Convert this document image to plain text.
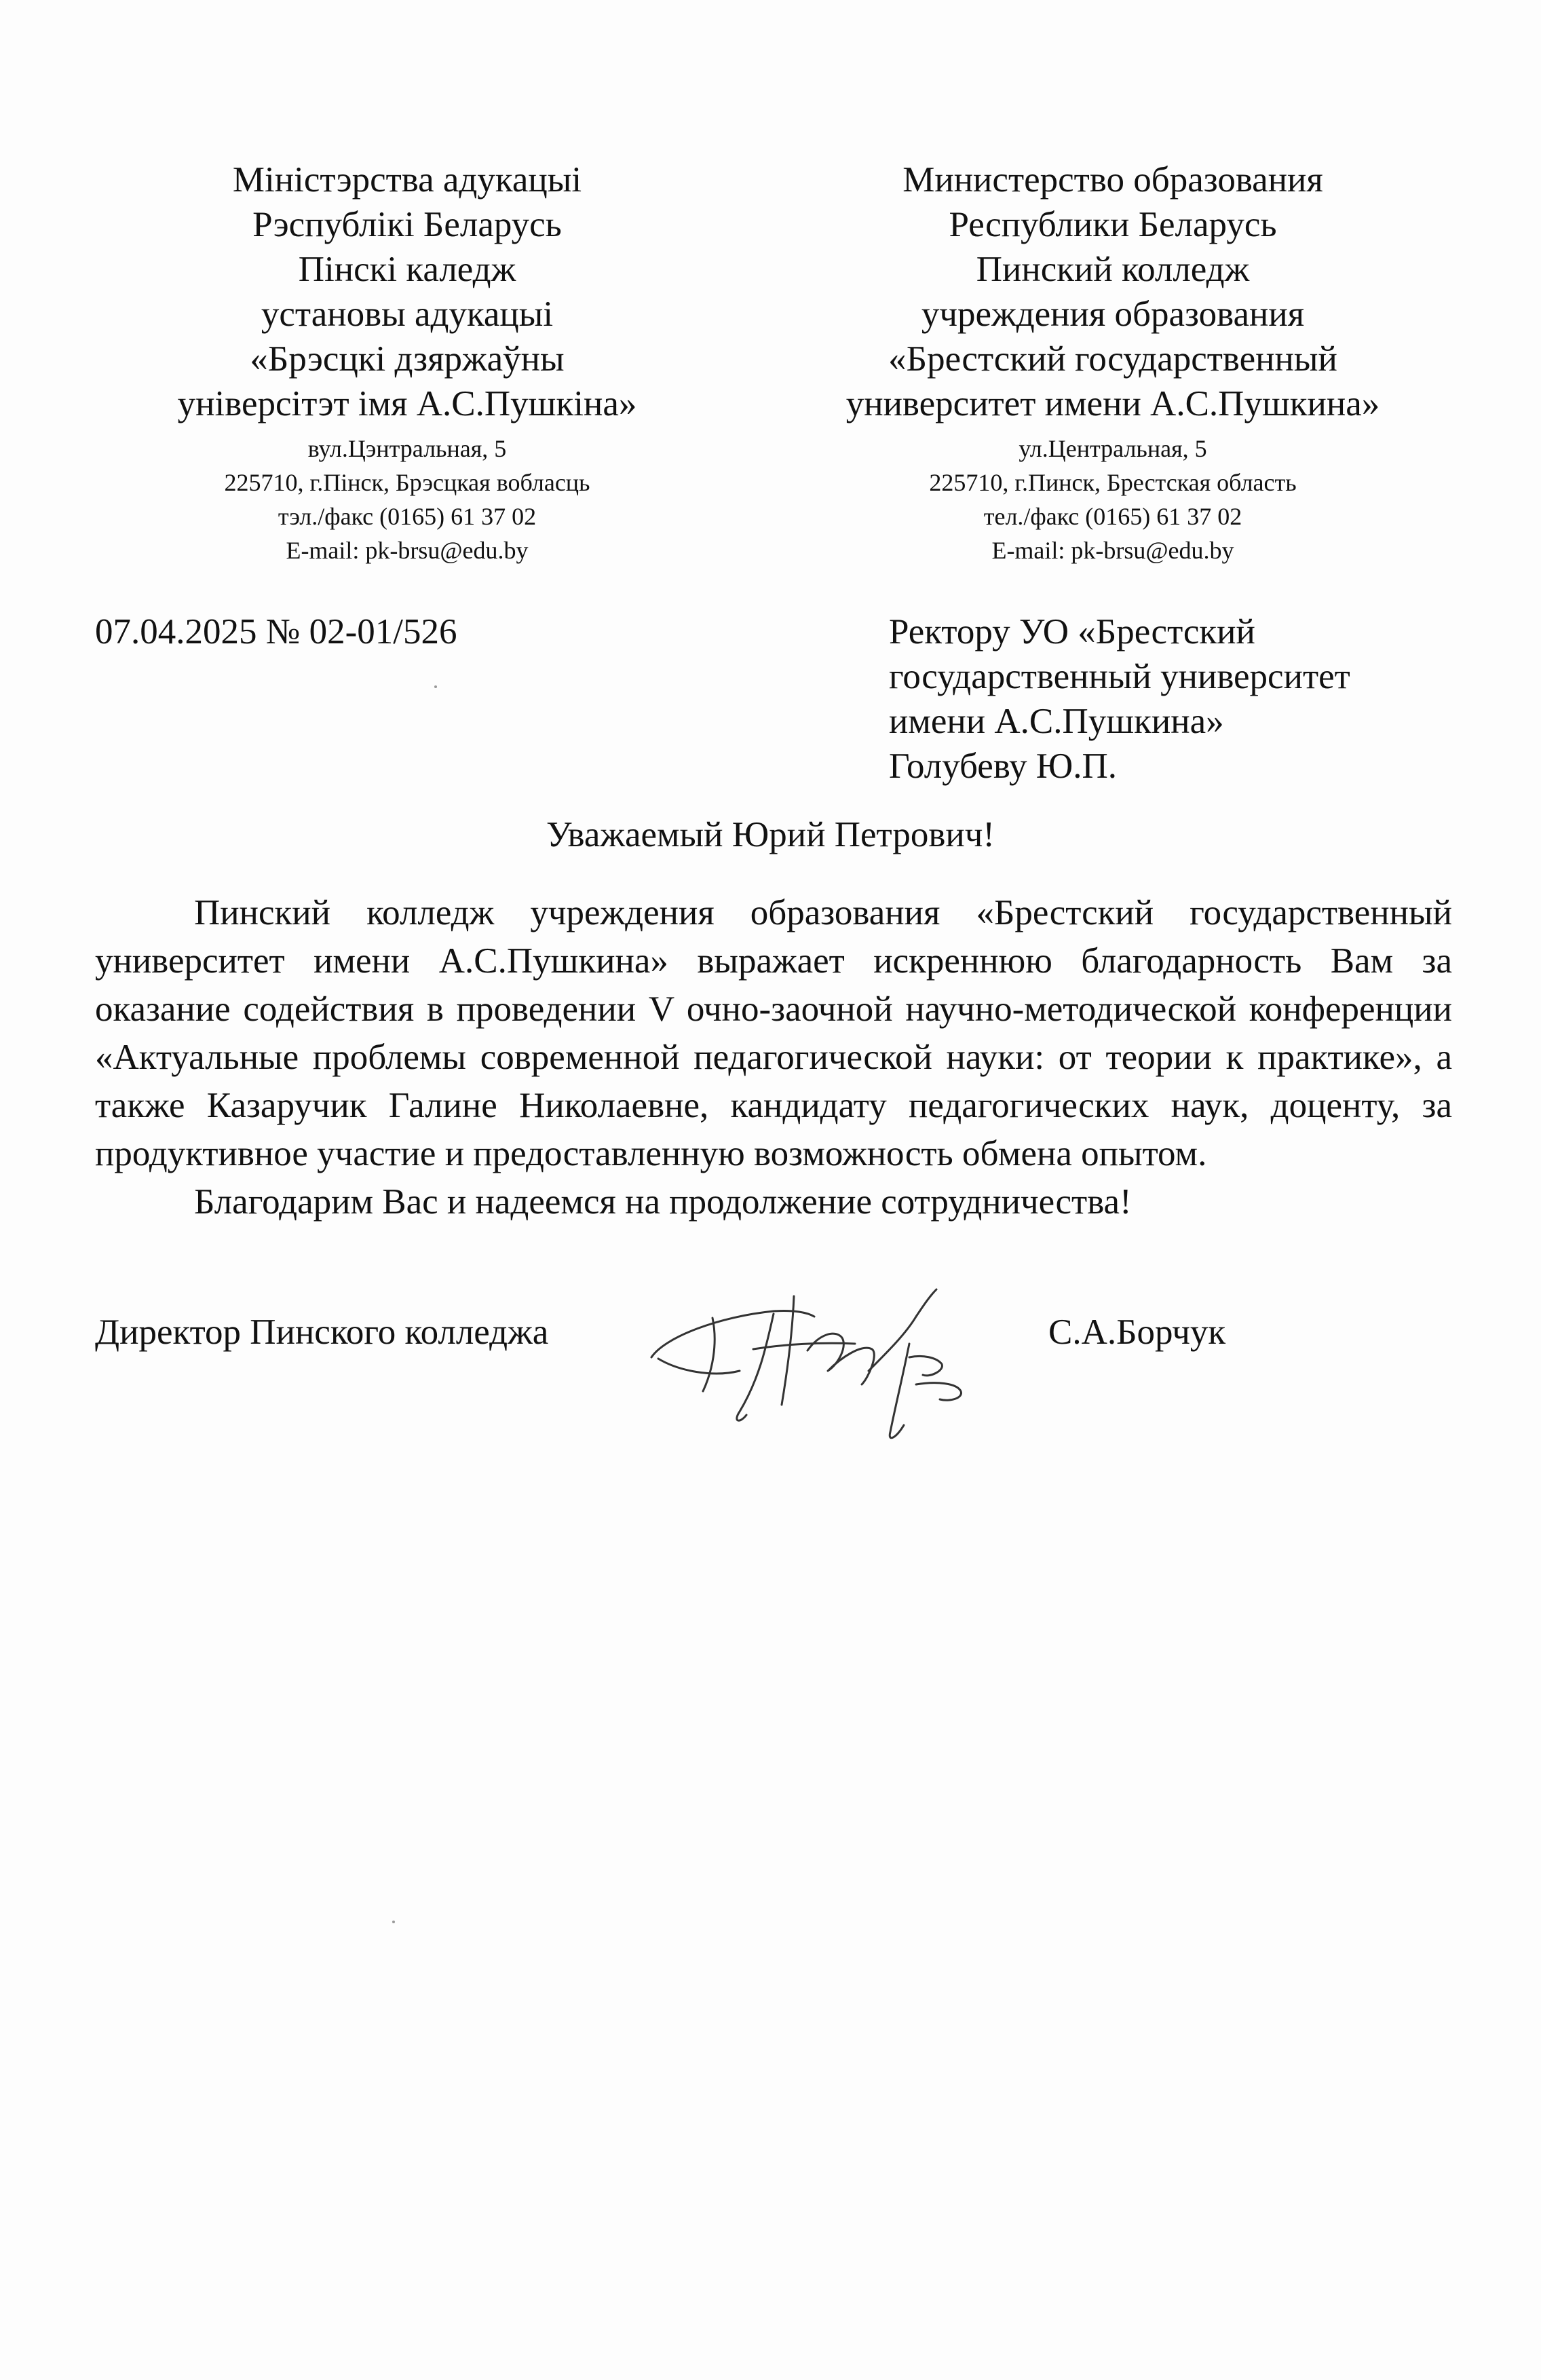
Міністэрства адукацыі
Рэспублікі Беларусь
Пінскі каледж
установы адукацыі
«Брэсцкі дзяржаўны
універсітэт імя А.С.Пушкіна»
вул.Цэнтральная, 5
225710, г.Пінск, Брэсцкая вобласць
тэл./факс (0165) 61 37 02
E-mail: pk-brsu@edu.by
Министерство образования
Республики Беларусь
Пинский колледж
учреждения образования
«Брестский государственный
университет имени А.С.Пушкина»
ул.Центральная, 5
225710, г.Пинск, Брестская область
тел./факс (0165) 61 37 02
E-mail: pk-brsu@edu.by
07.04.2025 № 02-01/526	Ректору УО «Брестский
государственный университет
имени А.С.Пушкина»
Голубеву Ю.П.
Уважаемый Юрий Петрович!

Пинский колледж учреждения образования «Брестский государственный университет имени А.С.Пушкина» выражает искреннюю благодарность Вам за оказание содействия в проведении V очно-заочной научно-методической конференции «Актуальные проблемы современной педагогической науки: от теории к практике», а также Казаручик Галине Николаевне, кандидату педагогических наук, доценту, за продуктивное участие и предоставленную возможность обмена опытом.

Благодарим Вас и надеемся на продолжение сотрудничества!

Директор Пинского колледжа	С.А.Борчук
